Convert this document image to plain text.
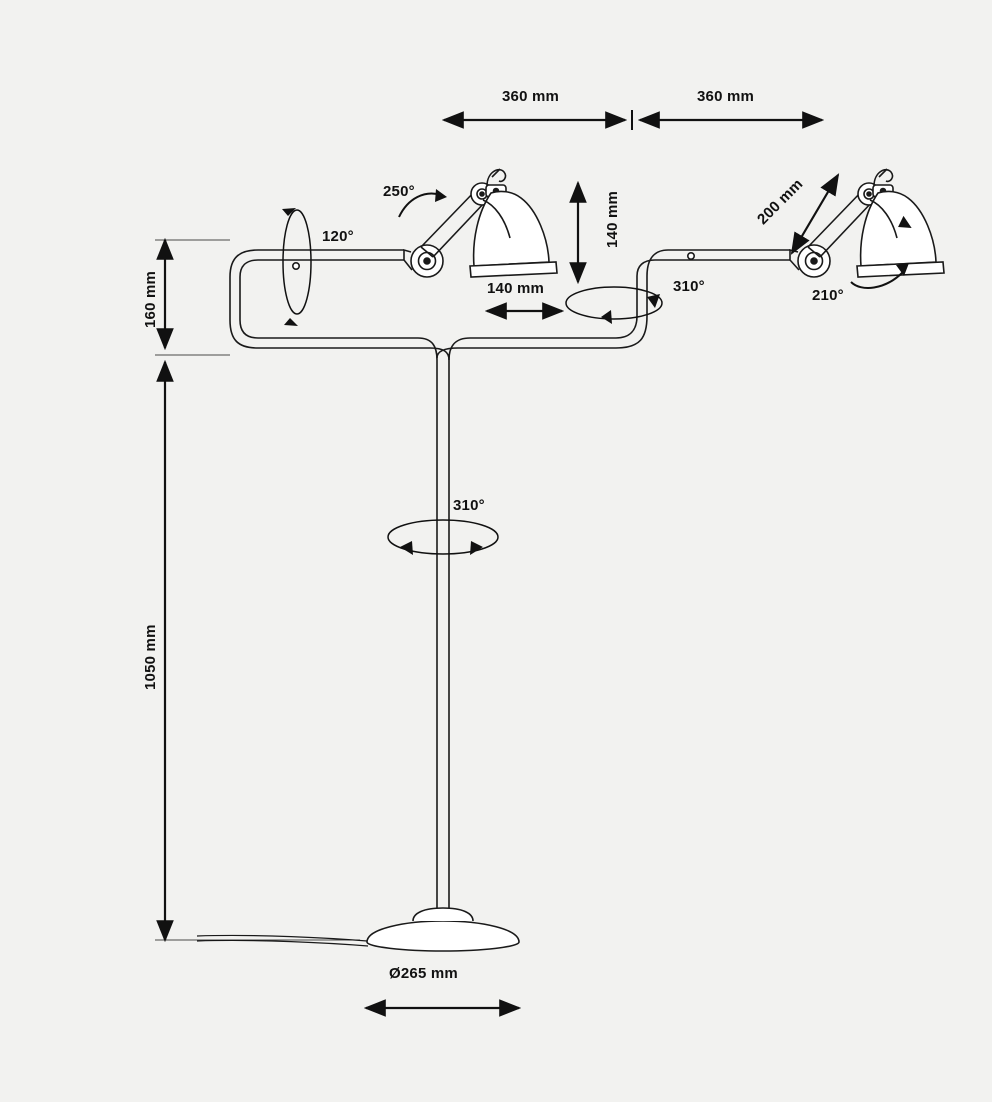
360 mm	360 mm
250°
120°	140 mm
140 mm	310°
200 mm
210°
160 mm
1050 mm
310°
Ø265 mm
